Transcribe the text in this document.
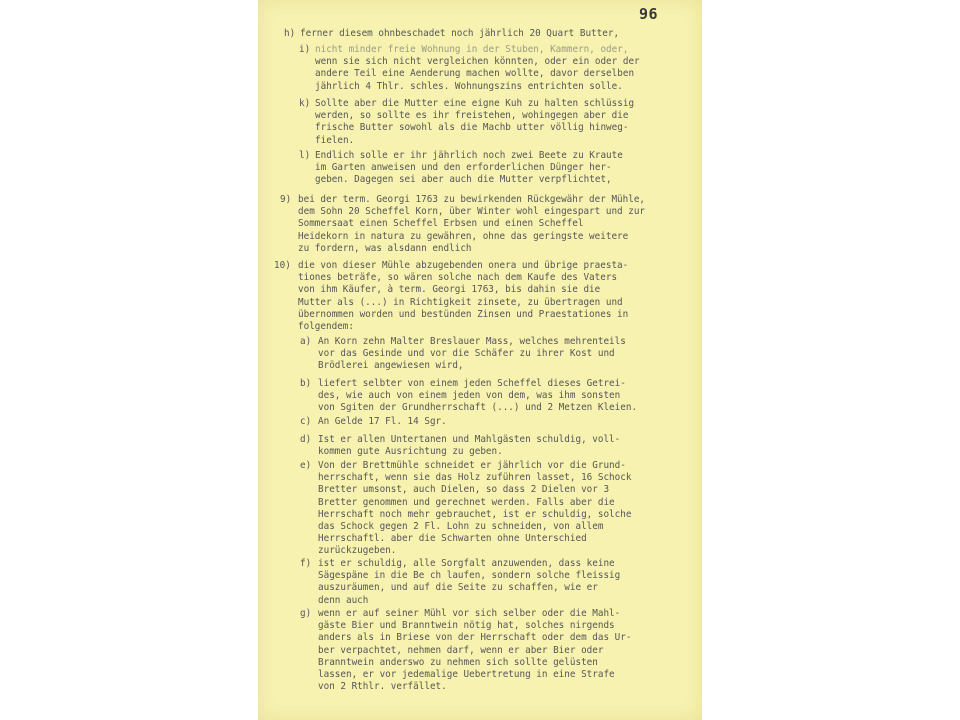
96
h) ferner diesem ohnbeschadet noch jährlich 20 Quart Butter,
i) nicht minder freie Wohnung in der Stuben, Kammern, oder,
wenn sie sich nicht vergleichen könnten, oder ein oder der
andere Teil eine Aenderung machen wollte, davor derselben
jährlich 4 Thlr. schles. Wohnungszins entrichten solle.
k) Sollte aber die Mutter eine eigne Kuh zu halten schlüssig
werden, so sollte es ihr freistehen, wohingegen aber die
frische Butter sowohl als die Machb utter völlig hinweg-
fielen.
l) Endlich solle er ihr jährlich noch zwei Beete zu Kraute
im Garten anweisen und den erforderlichen Dünger her-
geben. Dagegen sei aber auch die Mutter verpflichtet,
9) bei der term. Georgi 1763 zu bewirkenden Rückgewähr der Mühle,
dem Sohn 20 Scheffel Korn, über Winter wohl eingespart und zur
Sommersaat einen Scheffel Erbsen und einen Scheffel
Heidekorn in natura zu gewähren, ohne das geringste weitere
zu fordern, was alsdann endlich
10) die von dieser Mühle abzugebenden onera und übrige praesta-
tiones beträfe, so wären solche nach dem Kaufe des Vaters
von ihm Käufer, à term. Georgi 1763, bis dahin sie die
Mutter als (...) in Richtigkeit zinsete, zu übertragen und
übernommen worden und bestünden Zinsen und Praestationes in
folgendem:
a) An Korn zehn Malter Breslauer Mass, welches mehrenteils
vor das Gesinde und vor die Schäfer zu ihrer Kost und
Brödlerei angewiesen wird,
b) liefert selbter von einem jeden Scheffel dieses Getrei-
des, wie auch von einem jeden von dem, was ihm sonsten
von Sgiten der Grundherrschaft (...) und 2 Metzen Kleien.
c) An Gelde 17 Fl. 14 Sgr.
d) Ist er allen Untertanen und Mahlgästen schuldig, voll-
kommen gute Ausrichtung zu geben.
e) Von der Brettmühle schneidet er jährlich vor die Grund-
herrschaft, wenn sie das Holz zuführen lasset, 16 Schock
Bretter umsonst, auch Dielen, so dass 2 Dielen vor 3
Bretter genommen und gerechnet werden. Falls aber die
Herrschaft noch mehr gebrauchet, ist er schuldig, solche
das Schock gegen 2 Fl. Lohn zu schneiden, von allem
Herrschaftl. aber die Schwarten ohne Unterschied
zurückzugeben.
f) ist er schuldig, alle Sorgfalt anzuwenden, dass keine
Sägespäne in die Be ch laufen, sondern solche fleissig
auszuräumen, und auf die Seite zu schaffen, wie er
denn auch
g) wenn er auf seiner Mühl vor sich selber oder die Mahl-
gäste Bier und Branntwein nötig hat, solches nirgends
anders als in Briese von der Herrschaft oder dem das Ur-
ber verpachtet, nehmen darf, wenn er aber Bier oder
Branntwein anderswo zu nehmen sich sollte gelüsten
lassen, er vor jedemalige Uebertretung in eine Strafe
von 2 Rthlr. verfället.
